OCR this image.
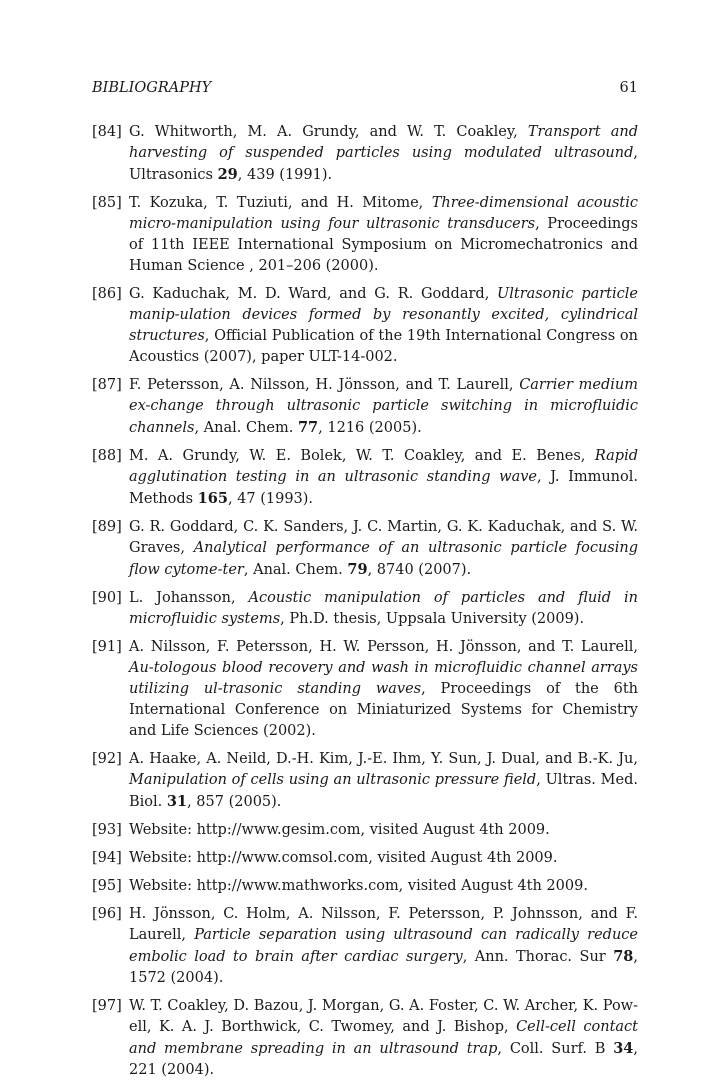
BIBLIOGRAPHY	61
[84] G. Whitworth, M. A. Grundy, and W. T. Coakley, Transport and harvesting of suspended particles using modulated ultrasound, Ultrasonics 29, 439 (1991).
[85] T. Kozuka, T. Tuziuti, and H. Mitome, Three-dimensional acoustic micro-manipulation using four ultrasonic transducers, Proceedings of 11th IEEE International Symposium on Micromechatronics and Human Science , 201–206 (2000).
[86] G. Kaduchak, M. D. Ward, and G. R. Goddard, Ultrasonic particle manip-ulation devices formed by resonantly excited, cylindrical structures, Official Publication of the 19th International Congress on Acoustics (2007), paper ULT-14-002.
[87] F. Petersson, A. Nilsson, H. Jönsson, and T. Laurell, Carrier medium ex-change through ultrasonic particle switching in microfluidic channels, Anal. Chem. 77, 1216 (2005).
[88] M. A. Grundy, W. E. Bolek, W. T. Coakley, and E. Benes, Rapid agglutination testing in an ultrasonic standing wave, J. Immunol. Methods 165, 47 (1993).
[89] G. R. Goddard, C. K. Sanders, J. C. Martin, G. K. Kaduchak, and S. W. Graves, Analytical performance of an ultrasonic particle focusing flow cytome-ter, Anal. Chem. 79, 8740 (2007).
[90] L. Johansson, Acoustic manipulation of particles and fluid in microfluidic systems, Ph.D. thesis, Uppsala University (2009).
[91] A. Nilsson, F. Petersson, H. W. Persson, H. Jönsson, and T. Laurell, Au-tologous blood recovery and wash in microfluidic channel arrays utilizing ul-trasonic standing waves, Proceedings of the 6th International Conference on Miniaturized Systems for Chemistry and Life Sciences (2002).
[92] A. Haake, A. Neild, D.-H. Kim, J.-E. Ihm, Y. Sun, J. Dual, and B.-K. Ju, Manipulation of cells using an ultrasonic pressure field, Ultras. Med. Biol. 31, 857 (2005).
[93] Website: http://www.gesim.com, visited August 4th 2009.
[94] Website: http://www.comsol.com, visited August 4th 2009.
[95] Website: http://www.mathworks.com, visited August 4th 2009.
[96] H. Jönsson, C. Holm, A. Nilsson, F. Petersson, P. Johnsson, and F. Laurell, Particle separation using ultrasound can radically reduce embolic load to brain after cardiac surgery, Ann. Thorac. Sur 78, 1572 (2004).
[97] W. T. Coakley, D. Bazou, J. Morgan, G. A. Foster, C. W. Archer, K. Pow-ell, K. A. J. Borthwick, C. Twomey, and J. Bishop, Cell-cell contact and membrane spreading in an ultrasound trap, Coll. Surf. B 34, 221 (2004).
